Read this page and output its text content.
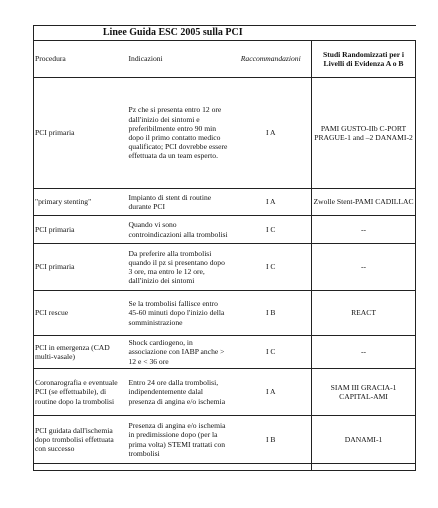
Linee Guida ESC 2005 sulla PCI			
Procedura	Indicazioni	Raccommandazioni	Studi Randomizzati per i Livelli di Evidenza A o B
PCI primaria	Pz che si presenta entro 12 ore dall'inizio dei sintomi e preferibilmente entro 90 min dopo il primo contatto medico qualificato; PCI dovrebbe essere effettuata da un team esperto.	I A	PAMI GUSTO-IIb C-PORT PRAGUE-1 and –2 DANAMI-2
"primary stenting"	Impianto di stent di routine durante PCI	I A	Zwolle Stent-PAMI CADILLAC
PCI primaria	Quando vi sono controindicazioni alla trombolisi	I C	--
PCI primaria	Da preferire alla trombolisi quando il pz si presentano dopo 3 ore, ma entro le 12 ore, dall'inizio dei sintomi	I C	--
PCI rescue	Se la trombolisi fallisce entro 45-60 minuti dopo l'inizio della somministrazione	I B	REACT
PCI in emergenza (CAD multi-vasale)	Shock cardiogeno, in associazione con IABP anche > 12 e < 36 ore	I C	--
Coronarografia e eventuale PCI (se effettuabile), di routine dopo la trombolisi	Entro 24 ore dalla trombolisi, indipendentemente dalal presenza di angina e/o ischemia	I A	SIAM III GRACIA-1 CAPITAL-AMI
PCI guidata dall'ischemia dopo trombolisi effettuata con successo	Presenza di angina e/o ischemia in predimissione dopo (per la prima volta) STEMI trattati con trombolisi	I B	DANAMI-1
